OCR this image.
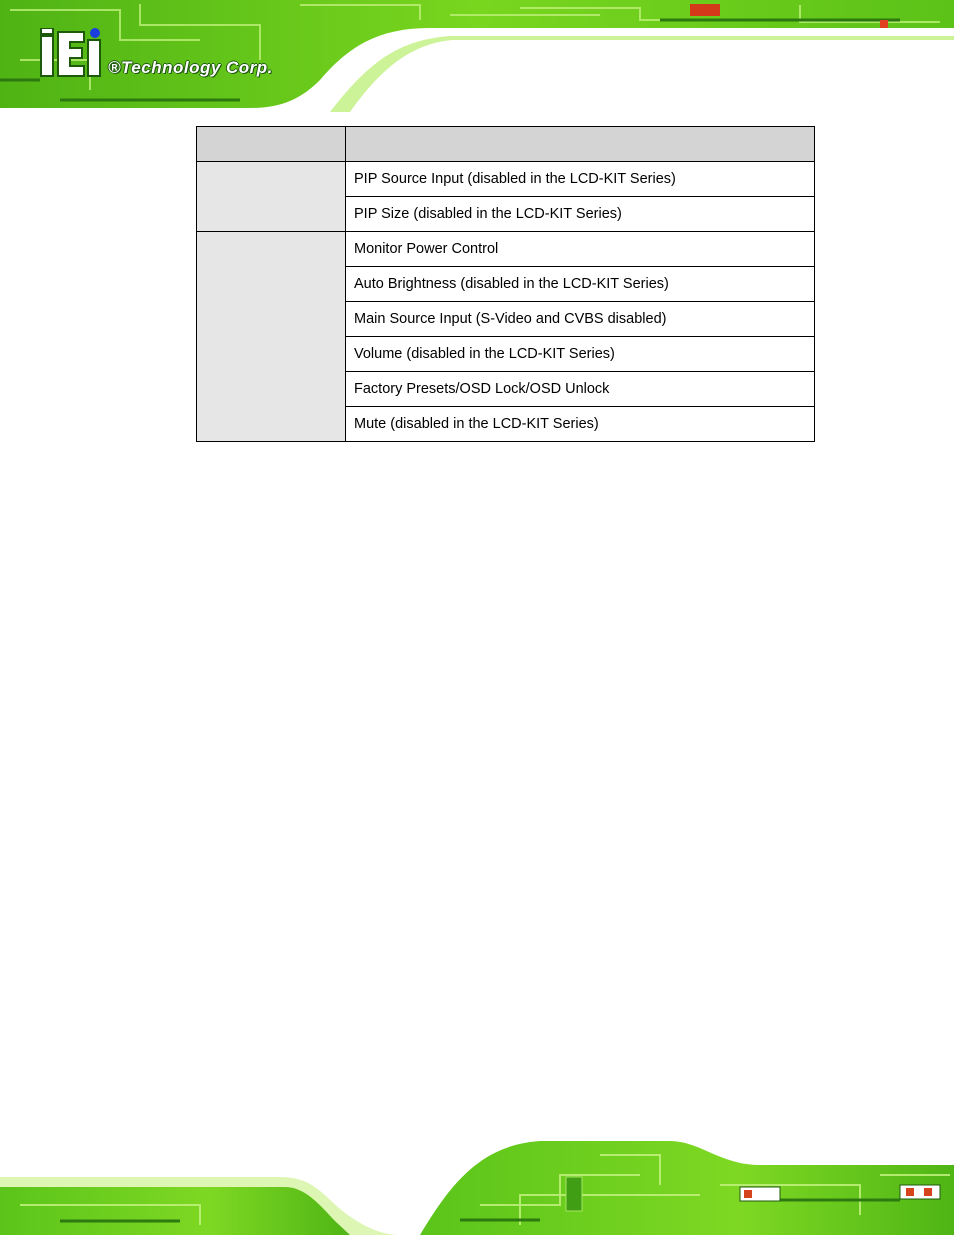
®Technology Corp.

	PIP Source Input (disabled in the LCD-KIT Series)
	PIP Size (disabled in the LCD-KIT Series)
	Monitor Power Control
	Auto Brightness (disabled in the LCD-KIT Series)
	Main Source Input (S-Video and CVBS disabled)
	Volume (disabled in the LCD-KIT Series)
	Factory Presets/OSD Lock/OSD Unlock
	Mute (disabled in the LCD-KIT Series)
